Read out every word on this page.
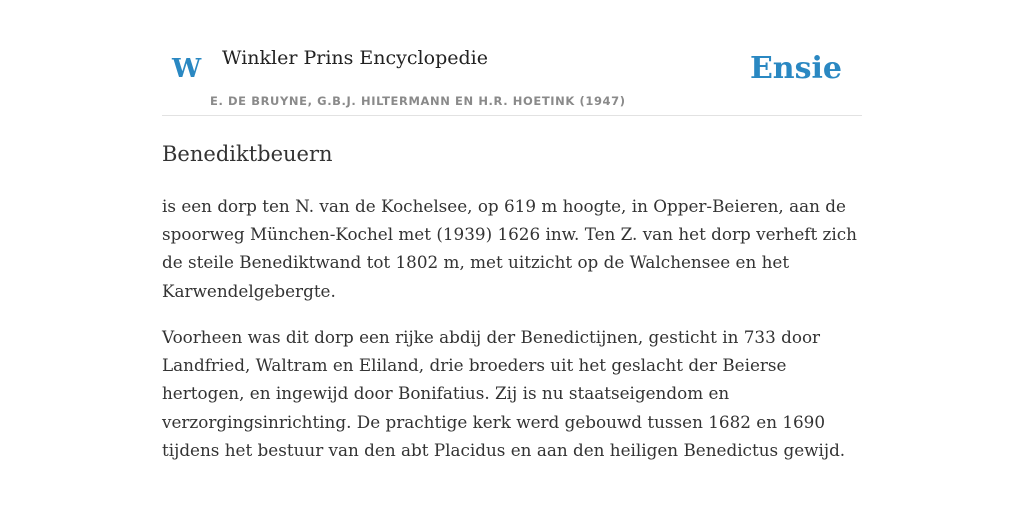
W Winkler Prins Encyclopedie
E. DE BRUYNE, G.B.J. HILTERMANN EN H.R. HOETINK (1947)
Ensie
Benediktbeuern

is een dorp ten N. van de Kochelsee, op 619 m hoogte, in Opper-Beieren, aan de spoorweg München-Kochel met (1939) 1626 inw. Ten Z. van het dorp verheft zich de steile Benediktwand tot 1802 m, met uitzicht op de Walchensee en het Karwendelgebergte.

Voorheen was dit dorp een rijke abdij der Benedictijnen, gesticht in 733 door Landfried, Waltram en Eliland, drie broeders uit het geslacht der Beierse hertogen, en ingewijd door Bonifatius. Zij is nu staatseigendom en verzorgingsinrichting. De prachtige kerk werd gebouwd tussen 1682 en 1690 tijdens het bestuur van den abt Placidus en aan den heiligen Benedictus gewijd.
